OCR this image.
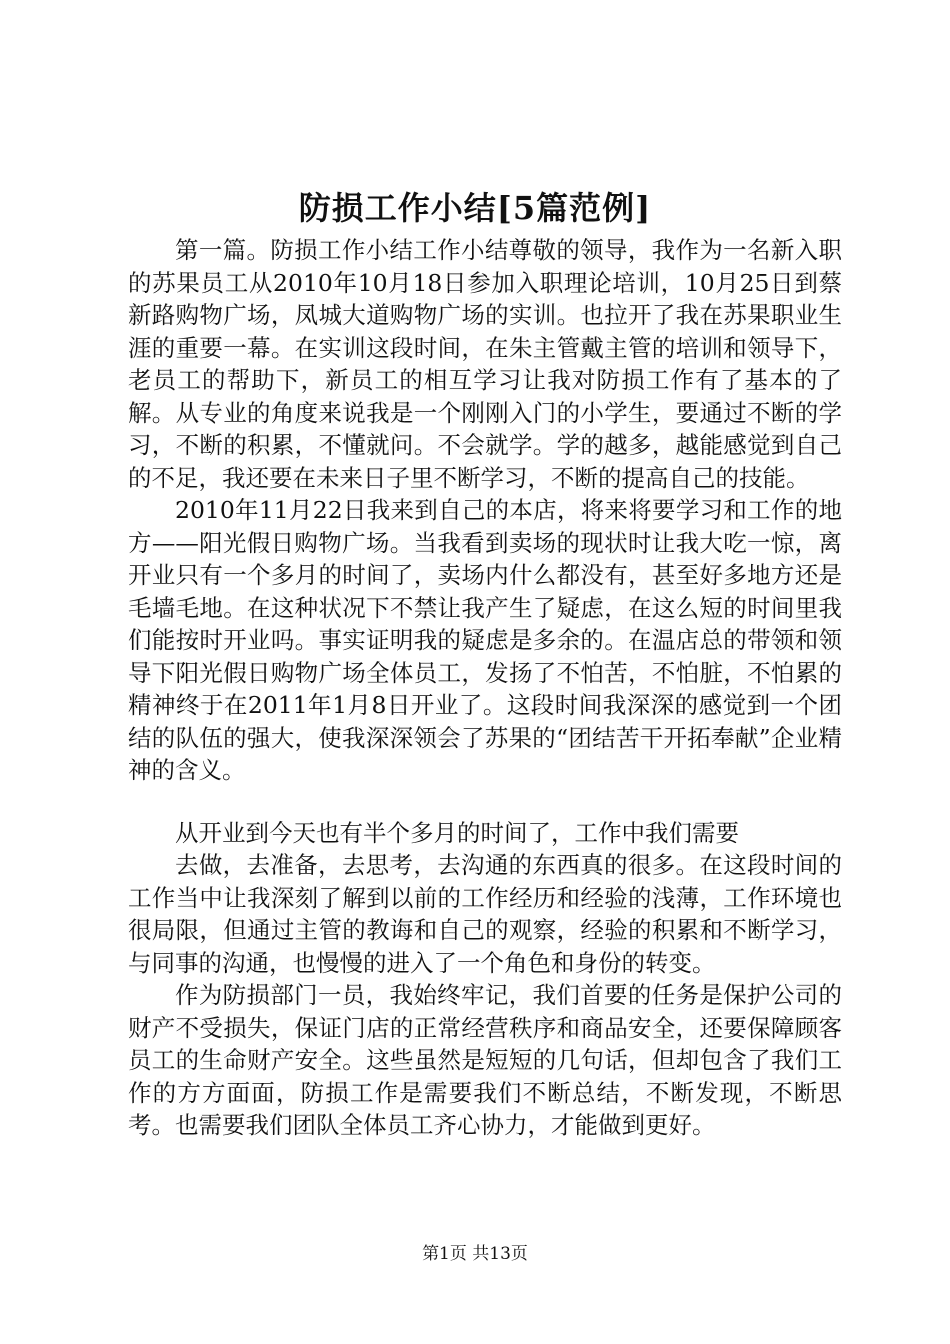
防损工作小结[5篇范例]

第一篇。防损工作小结工作小结尊敬的领导，我作为一名新入职的苏果员工从2010年10月18日参加入职理论培训，10月25日到蔡新路购物广场，凤城大道购物广场的实训。也拉开了我在苏果职业生涯的重要一幕。在实训这段时间，在朱主管戴主管的培训和领导下，老员工的帮助下，新员工的相互学习让我对防损工作有了基本的了解。从专业的角度来说我是一个刚刚入门的小学生，要通过不断的学习，不断的积累，不懂就问。不会就学。学的越多，越能感觉到自己的不足，我还要在未来日子里不断学习，不断的提高自己的技能。

2010年11月22日我来到自己的本店，将来将要学习和工作的地方——阳光假日购物广场。当我看到卖场的现状时让我大吃一惊，离开业只有一个多月的时间了，卖场内什么都没有，甚至好多地方还是毛墙毛地。在这种状况下不禁让我产生了疑虑，在这么短的时间里我们能按时开业吗。事实证明我的疑虑是多余的。在温店总的带领和领导下阳光假日购物广场全体员工，发扬了不怕苦，不怕脏，不怕累的精神终于在2011年1月8日开业了。这段时间我深深的感觉到一个团结的队伍的强大，使我深深领会了苏果的“团结苦干开拓奉献”企业精神的含义。

从开业到今天也有半个多月的时间了，工作中我们需要

去做，去准备，去思考，去沟通的东西真的很多。在这段时间的工作当中让我深刻了解到以前的工作经历和经验的浅薄，工作环境也很局限，但通过主管的教诲和自己的观察，经验的积累和不断学习，与同事的沟通，也慢慢的进入了一个角色和身份的转变。

作为防损部门一员，我始终牢记，我们首要的任务是保护公司的财产不受损失，保证门店的正常经营秩序和商品安全，还要保障顾客员工的生命财产安全。这些虽然是短短的几句话，但却包含了我们工作的方方面面，防损工作是需要我们不断总结，不断发现，不断思考。也需要我们团队全体员工齐心协力，才能做到更好。

第1页 共13页
